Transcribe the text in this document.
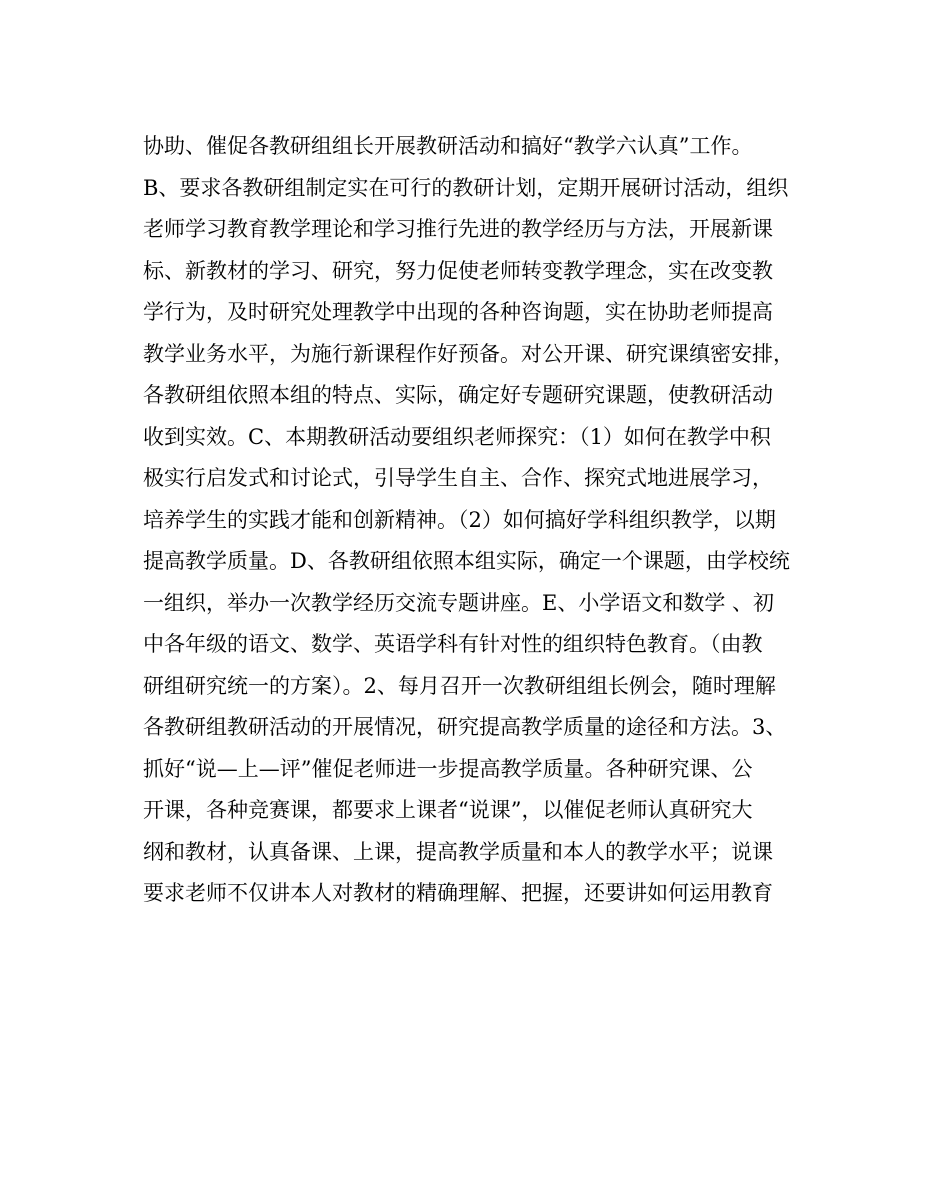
协助、催促各教研组组长开展教研活动和搞好“教学六认真”工作。
B、要求各教研组制定实在可行的教研计划，定期开展研讨活动，组织
老师学习教育教学理论和学习推行先进的教学经历与方法，开展新课
标、新教材的学习、研究，努力促使老师转变教学理念，实在改变教
学行为，及时研究处理教学中出现的各种咨询题，实在协助老师提高
教学业务水平，为施行新课程作好预备。对公开课、研究课缜密安排，
各教研组依照本组的特点、实际，确定好专题研究课题，使教研活动
收到实效。C、本期教研活动要组织老师探究：（1）如何在教学中积
极实行启发式和讨论式，引导学生自主、合作、探究式地进展学习，
培养学生的实践才能和创新精神。（2）如何搞好学科组织教学，以期
提高教学质量。D、各教研组依照本组实际，确定一个课题，由学校统
一组织，举办一次教学经历交流专题讲座。E、小学语文和数学 、初
中各年级的语文、数学、英语学科有针对性的组织特色教育。（由教
研组研究统一的方案）。2、每月召开一次教研组组长例会，随时理解
各教研组教研活动的开展情况，研究提高教学质量的途径和方法。3、
抓好“说—上—评”催促老师进一步提高教学质量。各种研究课、公
开课，各种竞赛课，都要求上课者“说课”，以催促老师认真研究大
纲和教材，认真备课、上课，提高教学质量和本人的教学水平；说课
要求老师不仅讲本人对教材的精确理解、把握，还要讲如何运用教育
